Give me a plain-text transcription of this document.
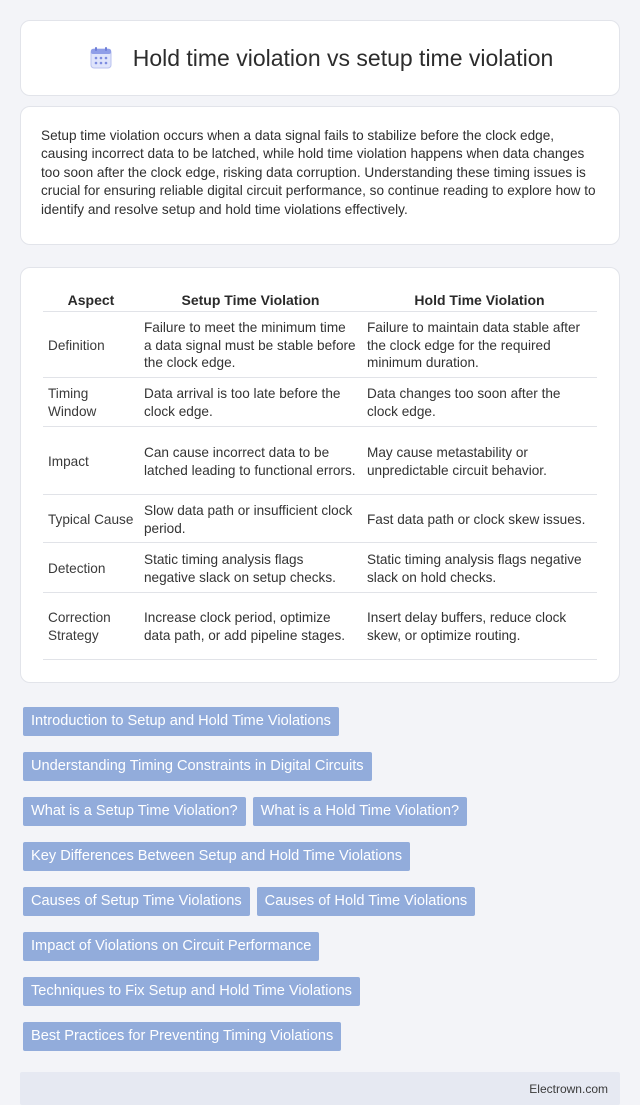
Hold time violation vs setup time violation

Setup time violation occurs when a data signal fails to stabilize before the clock edge, causing incorrect data to be latched, while hold time violation happens when data changes too soon after the clock edge, risking data corruption. Understanding these timing issues is crucial for ensuring reliable digital circuit performance, so continue reading to explore how to identify and resolve setup and hold time violations effectively.

Aspect	Setup Time Violation	Hold Time Violation
Definition	Failure to meet the minimum time a data signal must be stable before the clock edge.	Failure to maintain data stable after the clock edge for the required minimum duration.
Timing Window	Data arrival is too late before the clock edge.	Data changes too soon after the clock edge.
Impact	Can cause incorrect data to be latched leading to functional errors.	May cause metastability or unpredictable circuit behavior.
Typical Cause	Slow data path or insufficient clock period.	Fast data path or clock skew issues.
Detection	Static timing analysis flags negative slack on setup checks.	Static timing analysis flags negative slack on hold checks.
Correction Strategy	Increase clock period, optimize data path, or add pipeline stages.	Insert delay buffers, reduce clock skew, or optimize routing.
Introduction to Setup and Hold Time Violations
Understanding Timing Constraints in Digital Circuits
What is a Setup Time Violation?	What is a Hold Time Violation?
Key Differences Between Setup and Hold Time Violations
Causes of Setup Time Violations	Causes of Hold Time Violations
Impact of Violations on Circuit Performance
Techniques to Fix Setup and Hold Time Violations
Best Practices for Preventing Timing Violations
Electrown.com
